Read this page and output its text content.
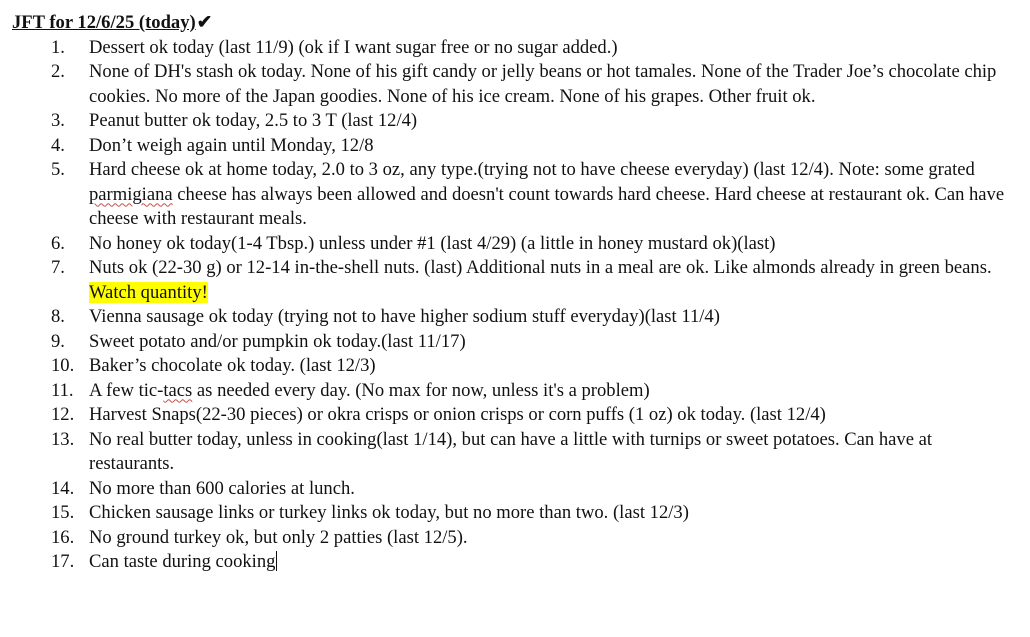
JFT for 12/6/25 (today)✔
1.	Dessert ok today (last 11/9) (ok if I want sugar free or no sugar added.)
2.	None of DH's stash ok today. None of his gift candy or jelly beans or hot tamales. None of the Trader Joe’s chocolate chip cookies. No more of the Japan goodies. None of his ice cream. None of his grapes. Other fruit ok.
3.	Peanut butter ok today, 2.5 to 3 T (last 12/4)
4.	Don’t weigh again until Monday, 12/8
5.	Hard cheese ok at home today, 2.0 to 3 oz, any type.(trying not to have cheese everyday) (last 12/4). Note: some grated parmigiana cheese has always been allowed and doesn't count towards hard cheese. Hard cheese at restaurant ok. Can have cheese with restaurant meals.
6.	No honey ok today(1-4 Tbsp.) unless under #1 (last 4/29) (a little in honey mustard ok)(last)
7.	Nuts ok (22-30 g) or 12-14 in-the-shell nuts. (last) Additional nuts in a meal are ok. Like almonds already in green beans. Watch quantity!
8.	Vienna sausage ok today (trying not to have higher sodium stuff everyday)(last 11/4)
9.	Sweet potato and/or pumpkin ok today.(last 11/17)
10. Baker’s chocolate ok today. (last 12/3)
11. A few tic-tacs as needed every day. (No max for now, unless it's a problem)
12. Harvest Snaps(22-30 pieces) or okra crisps or onion crisps or corn puffs (1 oz) ok today. (last 12/4)
13. No real butter today, unless in cooking(last 1/14), but can have a little with turnips or sweet potatoes. Can have at restaurants.
14. No more than 600 calories at lunch.
15. Chicken sausage links or turkey links ok today, but no more than two. (last 12/3)
16. No ground turkey ok, but only 2 patties (last 12/5).
17. Can taste during cooking
